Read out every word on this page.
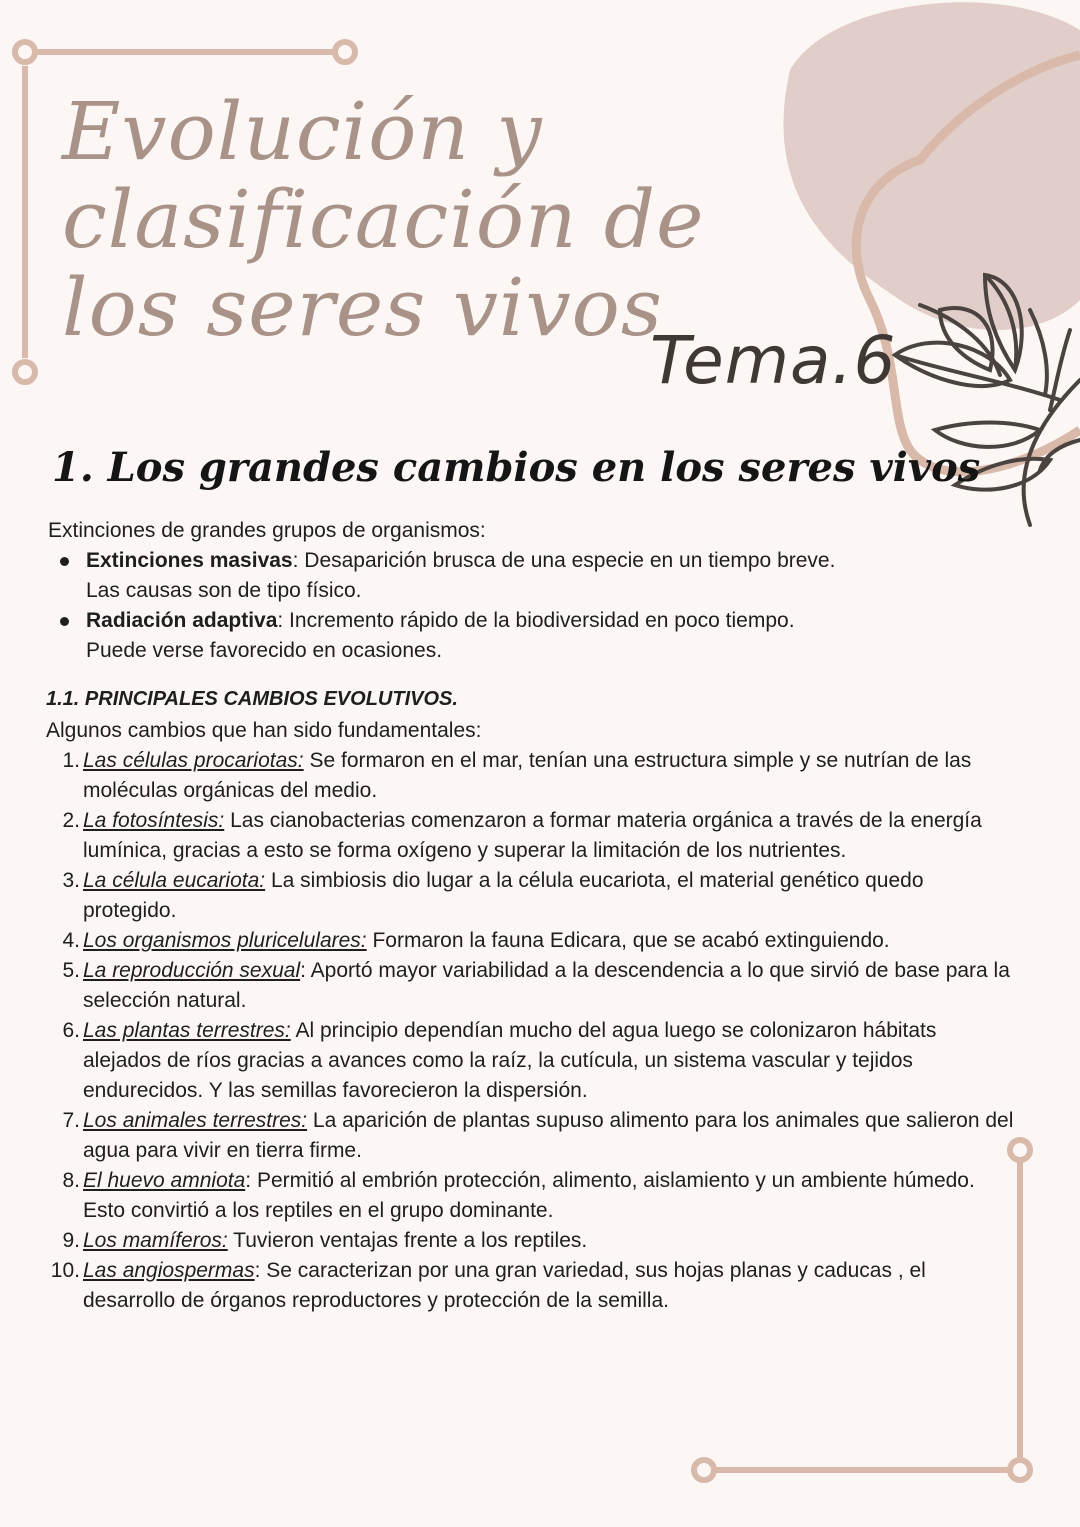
Evolución y
clasificación de
los seres vivos
Tema.6
1. Los grandes cambios en los seres vivos
Extinciones de grandes grupos de organismos:
Extinciones masivas: Desaparición brusca de una especie en un tiempo breve. Las causas son de tipo físico.
Radiación adaptiva: Incremento rápido de la biodiversidad en poco tiempo. Puede verse favorecido en ocasiones.
1.1. PRINCIPALES CAMBIOS EVOLUTIVOS.
Algunos cambios que han sido fundamentales:
1. Las células procariotas: Se formaron en el mar, tenían una estructura simple y se nutrían de las moléculas orgánicas del medio.
2. La fotosíntesis: Las cianobacterias comenzaron a formar materia orgánica a través de la energía lumínica, gracias a esto se forma oxígeno y superar la limitación de los nutrientes.
3. La célula eucariota: La simbiosis dio lugar a la célula eucariota, el material genético quedo protegido.
4. Los organismos pluricelulares: Formaron la fauna Edicara, que se acabó extinguiendo.
5. La reproducción sexual: Aportó mayor variabilidad a la descendencia a lo que sirvió de base para la selección natural.
6. Las plantas terrestres: Al principio dependían mucho del agua luego se colonizaron hábitats alejados de ríos gracias a avances como la raíz, la cutícula, un sistema vascular y tejidos endurecidos. Y las semillas favorecieron la dispersión.
7. Los animales terrestres: La aparición de plantas supuso alimento para los animales que salieron del agua para vivir en tierra firme.
8. El huevo amniota: Permitió al embrión protección, alimento, aislamiento y un ambiente húmedo. Esto convirtió a los reptiles en el grupo dominante.
9. Los mamíferos: Tuvieron ventajas frente a los reptiles.
10. Las angiospermas: Se caracterizan por una gran variedad, sus hojas planas y caducas , el desarrollo de órganos reproductores y protección de la semilla.
